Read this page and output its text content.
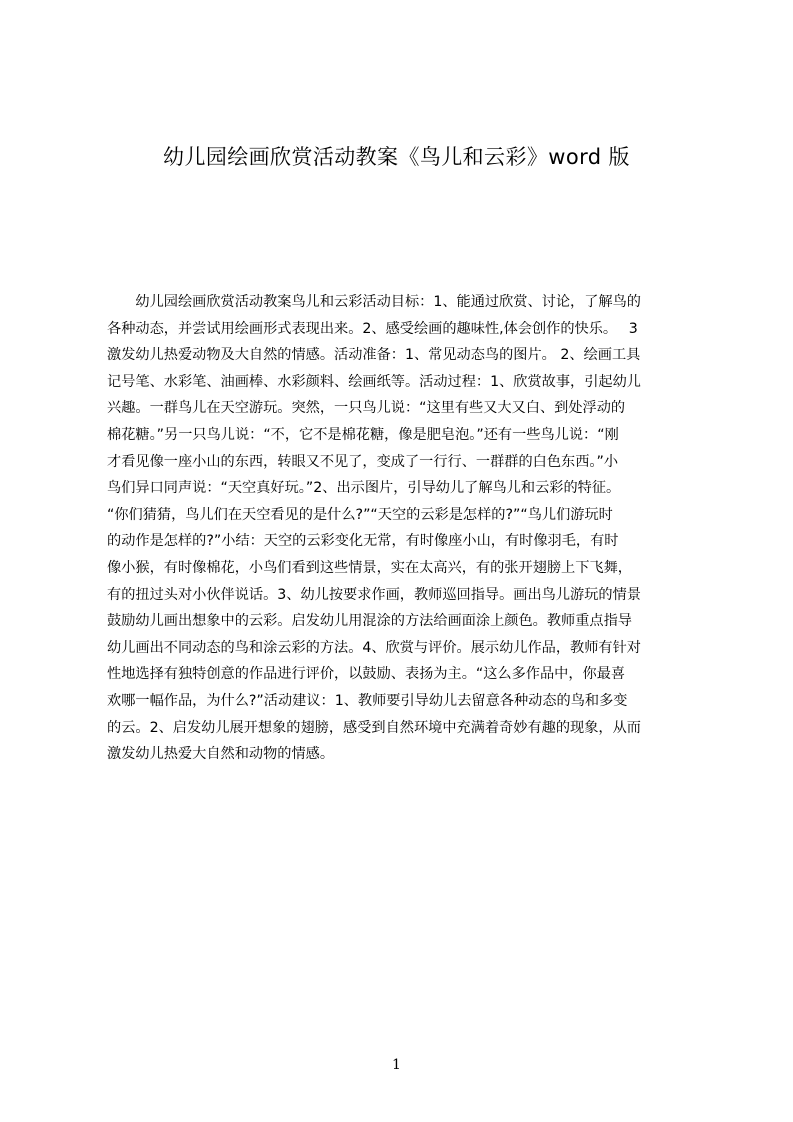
幼儿园绘画欣赏活动教案《鸟儿和云彩》word 版
　　幼儿园绘画欣赏活动教案鸟儿和云彩活动目标：1、能通过欣赏、讨论，了解鸟的
各种动态，并尝试用绘画形式表现出来。2、感受绘画的趣味性,体会创作的快乐。　 3
激发幼儿热爱动物及大自然的情感。活动准备：1、常见动态鸟的图片。 2、绘画工具
记号笔、水彩笔、油画棒、水彩颜料、绘画纸等。活动过程：1、欣赏故事，引起幼儿
兴趣。一群鸟儿在天空游玩。突然，一只鸟儿说：“这里有些又大又白、到处浮动的
棉花糖。”另一只鸟儿说：“不，它不是棉花糖，像是肥皂泡。”还有一些鸟儿说：“刚
才看见像一座小山的东西，转眼又不见了，变成了一行行、一群群的白色东西。”小
鸟们异口同声说：“天空真好玩。”2、出示图片，引导幼儿了解鸟儿和云彩的特征。
“你们猜猜，鸟儿们在天空看见的是什么?”“天空的云彩是怎样的?”“鸟儿们游玩时
的动作是怎样的?”小结：天空的云彩变化无常，有时像座小山，有时像羽毛，有时
像小猴，有时像棉花，小鸟们看到这些情景，实在太高兴，有的张开翅膀上下飞舞，
有的扭过头对小伙伴说话。3、幼儿按要求作画，教师巡回指导。画出鸟儿游玩的情景
鼓励幼儿画出想象中的云彩。启发幼儿用混涂的方法给画面涂上颜色。教师重点指导
幼儿画出不同动态的鸟和涂云彩的方法。4、欣赏与评价。展示幼儿作品，教师有针对
性地选择有独特创意的作品进行评价，以鼓励、表扬为主。“这么多作品中，你最喜
欢哪一幅作品，为什么?”活动建议：1、教师要引导幼儿去留意各种动态的鸟和多变
的云。2、启发幼儿展开想象的翅膀，感受到自然环境中充满着奇妙有趣的现象，从而
激发幼儿热爱大自然和动物的情感。
1
